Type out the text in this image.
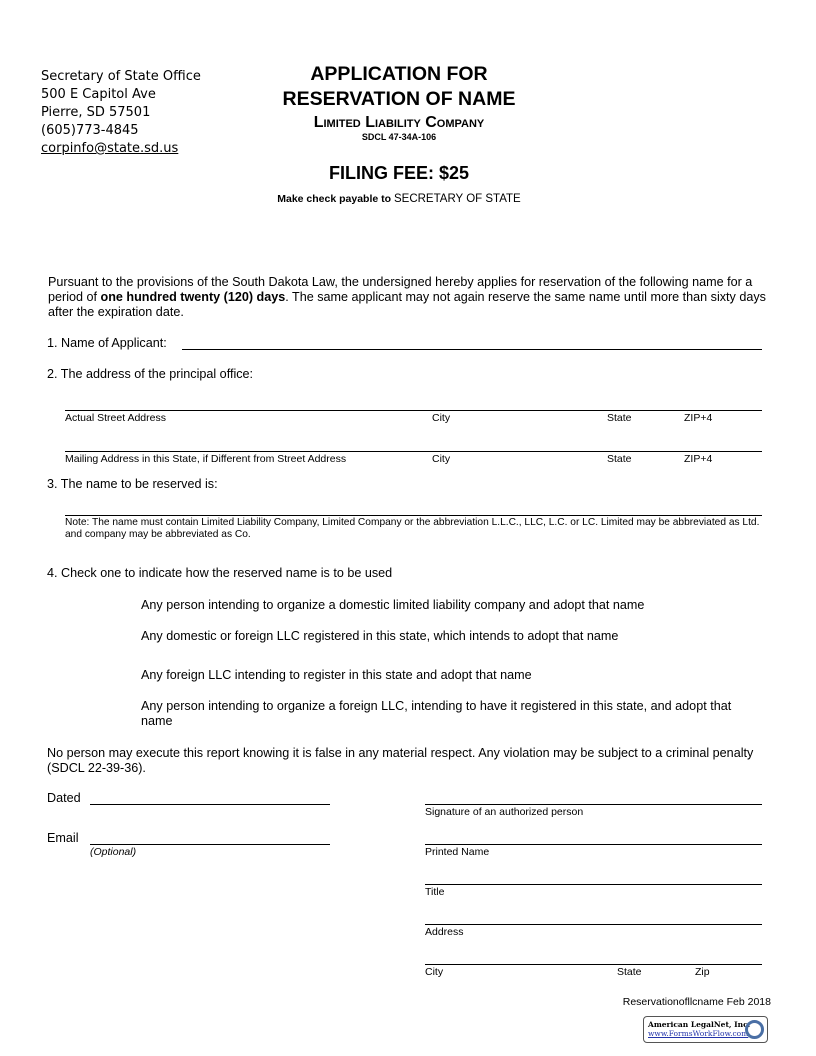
Secretary of State Office
500 E Capitol Ave
Pierre, SD 57501
(605)773-4845
corpinfo@state.sd.us
APPLICATION FOR
RESERVATION OF NAME
Limited Liability Company
SDCL 47-34A-106
FILING FEE: $25
Make check payable to SECRETARY OF STATE
Pursuant to the provisions of the South Dakota Law, the undersigned hereby applies for reservation of the following name for a period of one hundred twenty (120) days. The same applicant may not again reserve the same name until more than sixty days after the expiration date.
1. Name of Applicant:
2. The address of the principal office:
Actual Street Address	City	State	ZIP+4
Mailing Address in this State, if Different from Street Address	City	State	ZIP+4
3. The name to be reserved is:
Note: The name must contain Limited Liability Company, Limited Company or the abbreviation L.L.C., LLC, L.C. or LC. Limited may be abbreviated as Ltd. and company may be abbreviated as Co.
4. Check one to indicate how the reserved name is to be used
Any person intending to organize a domestic limited liability company and adopt that name
Any domestic or foreign LLC registered in this state, which intends to adopt that name
Any foreign LLC intending to register in this state and adopt that name
Any person intending to organize a foreign LLC, intending to have it registered in this state, and adopt that name
No person may execute this report knowing it is false in any material respect. Any violation may be subject to a criminal penalty (SDCL 22-39-36).
Dated
Email
(Optional)
Signature of an authorized person
Printed Name
Title
Address
City	State	Zip
Reservationofllcname Feb 2018
American LegalNet, Inc.
www.FormsWorkFlow.com
